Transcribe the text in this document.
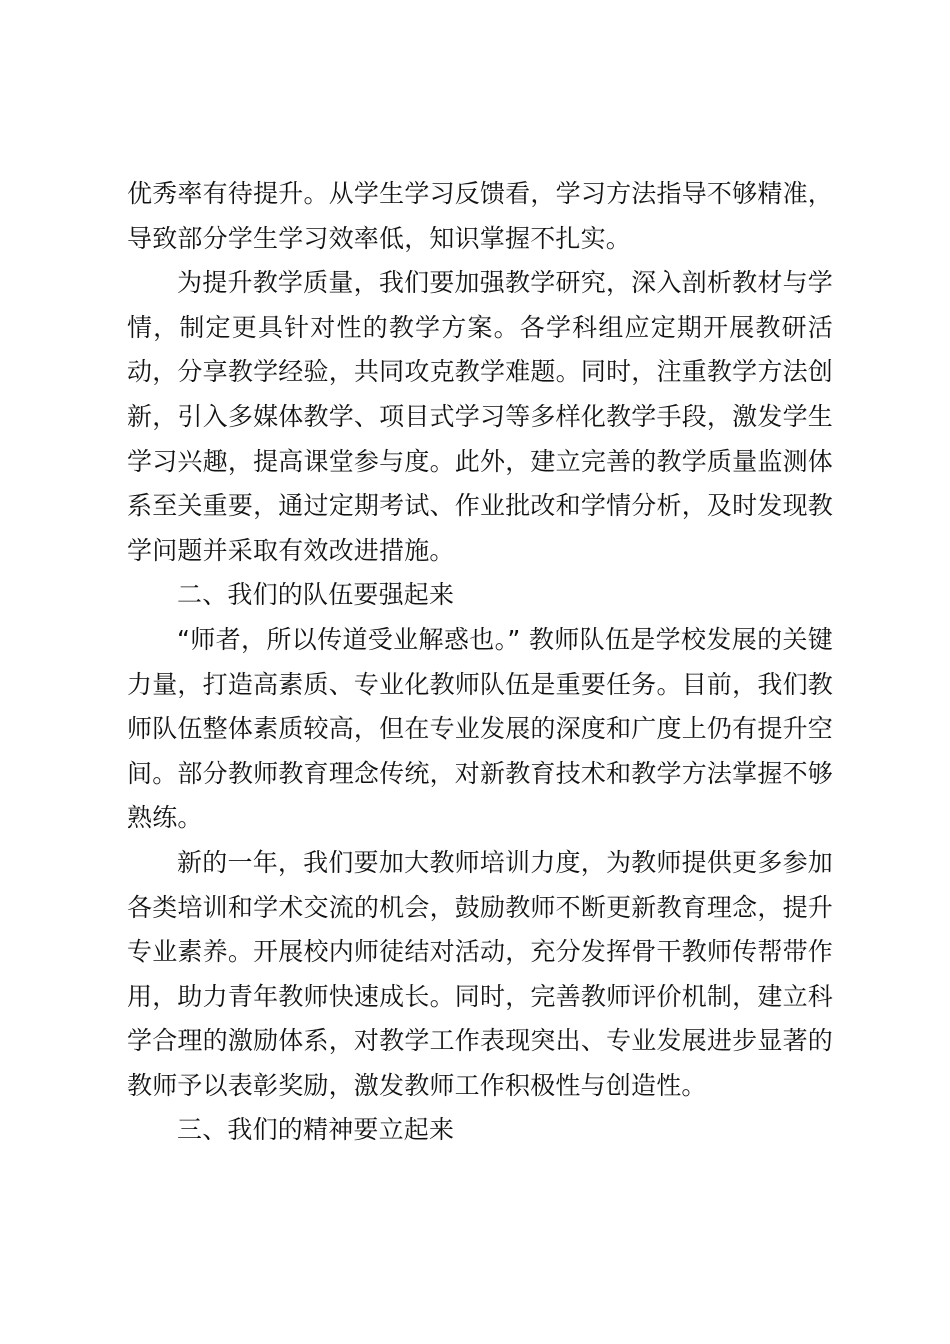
优秀率有待提升。从学生学习反馈看，学习方法指导不够精准，导致部分学生学习效率低，知识掌握不扎实。

为提升教学质量，我们要加强教学研究，深入剖析教材与学情，制定更具针对性的教学方案。各学科组应定期开展教研活动，分享教学经验，共同攻克教学难题。同时，注重教学方法创新，引入多媒体教学、项目式学习等多样化教学手段，激发学生学习兴趣，提高课堂参与度。此外，建立完善的教学质量监测体系至关重要，通过定期考试、作业批改和学情分析，及时发现教学问题并采取有效改进措施。

二、我们的队伍要强起来

“师者，所以传道受业解惑也。” 教师队伍是学校发展的关键力量，打造高素质、专业化教师队伍是重要任务。目前，我们教师队伍整体素质较高，但在专业发展的深度和广度上仍有提升空间。部分教师教育理念传统，对新教育技术和教学方法掌握不够熟练。

新的一年，我们要加大教师培训力度，为教师提供更多参加各类培训和学术交流的机会，鼓励教师不断更新教育理念，提升专业素养。开展校内师徒结对活动，充分发挥骨干教师传帮带作用，助力青年教师快速成长。同时，完善教师评价机制，建立科学合理的激励体系，对教学工作表现突出、专业发展进步显著的教师予以表彰奖励，激发教师工作积极性与创造性。

三、我们的精神要立起来
